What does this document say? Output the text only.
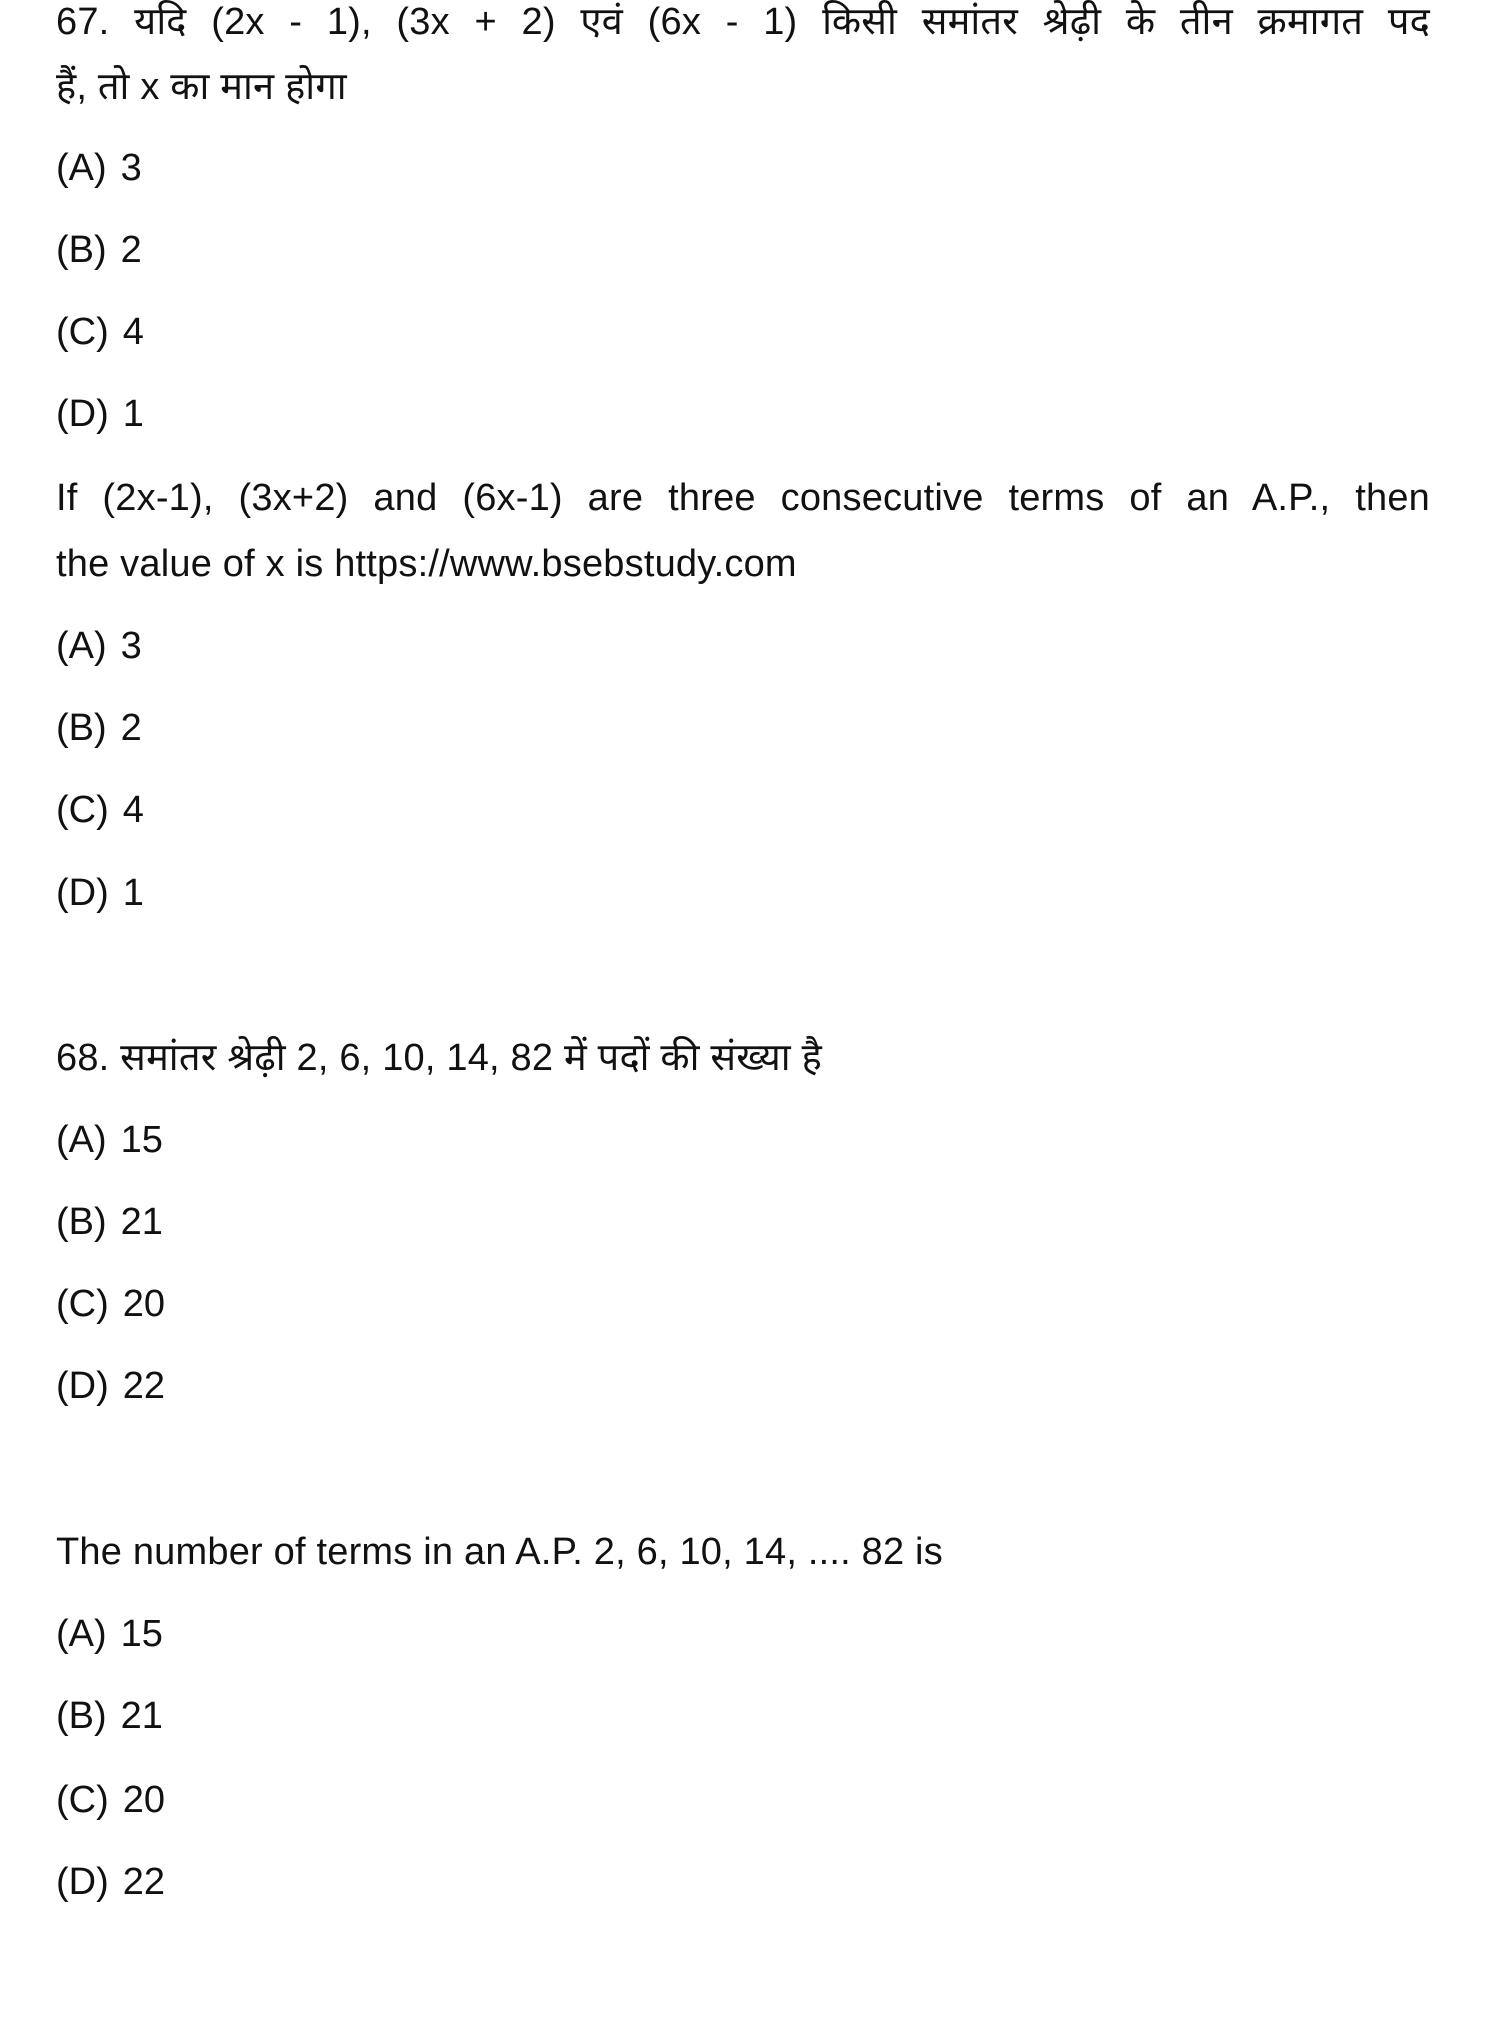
67. यदि (2x - 1), (3x + 2) एवं (6x - 1) किसी समांतर श्रेढ़ी के तीन क्रमागत पद
हैं, तो x का मान होगा
(A) 3
(B) 2
(C) 4
(D) 1
If (2x-1), (3x+2) and (6x-1) are three consecutive terms of an A.P., then
the value of x is https://www.bsebstudy.com
(A) 3
(B) 2
(C) 4
(D) 1
68. समांतर श्रेढ़ी 2, 6, 10, 14, 82 में पदों की संख्या है
(A) 15
(B) 21
(C) 20
(D) 22
The number of terms in an A.P. 2, 6, 10, 14, .... 82 is
(A) 15
(B) 21
(C) 20
(D) 22
